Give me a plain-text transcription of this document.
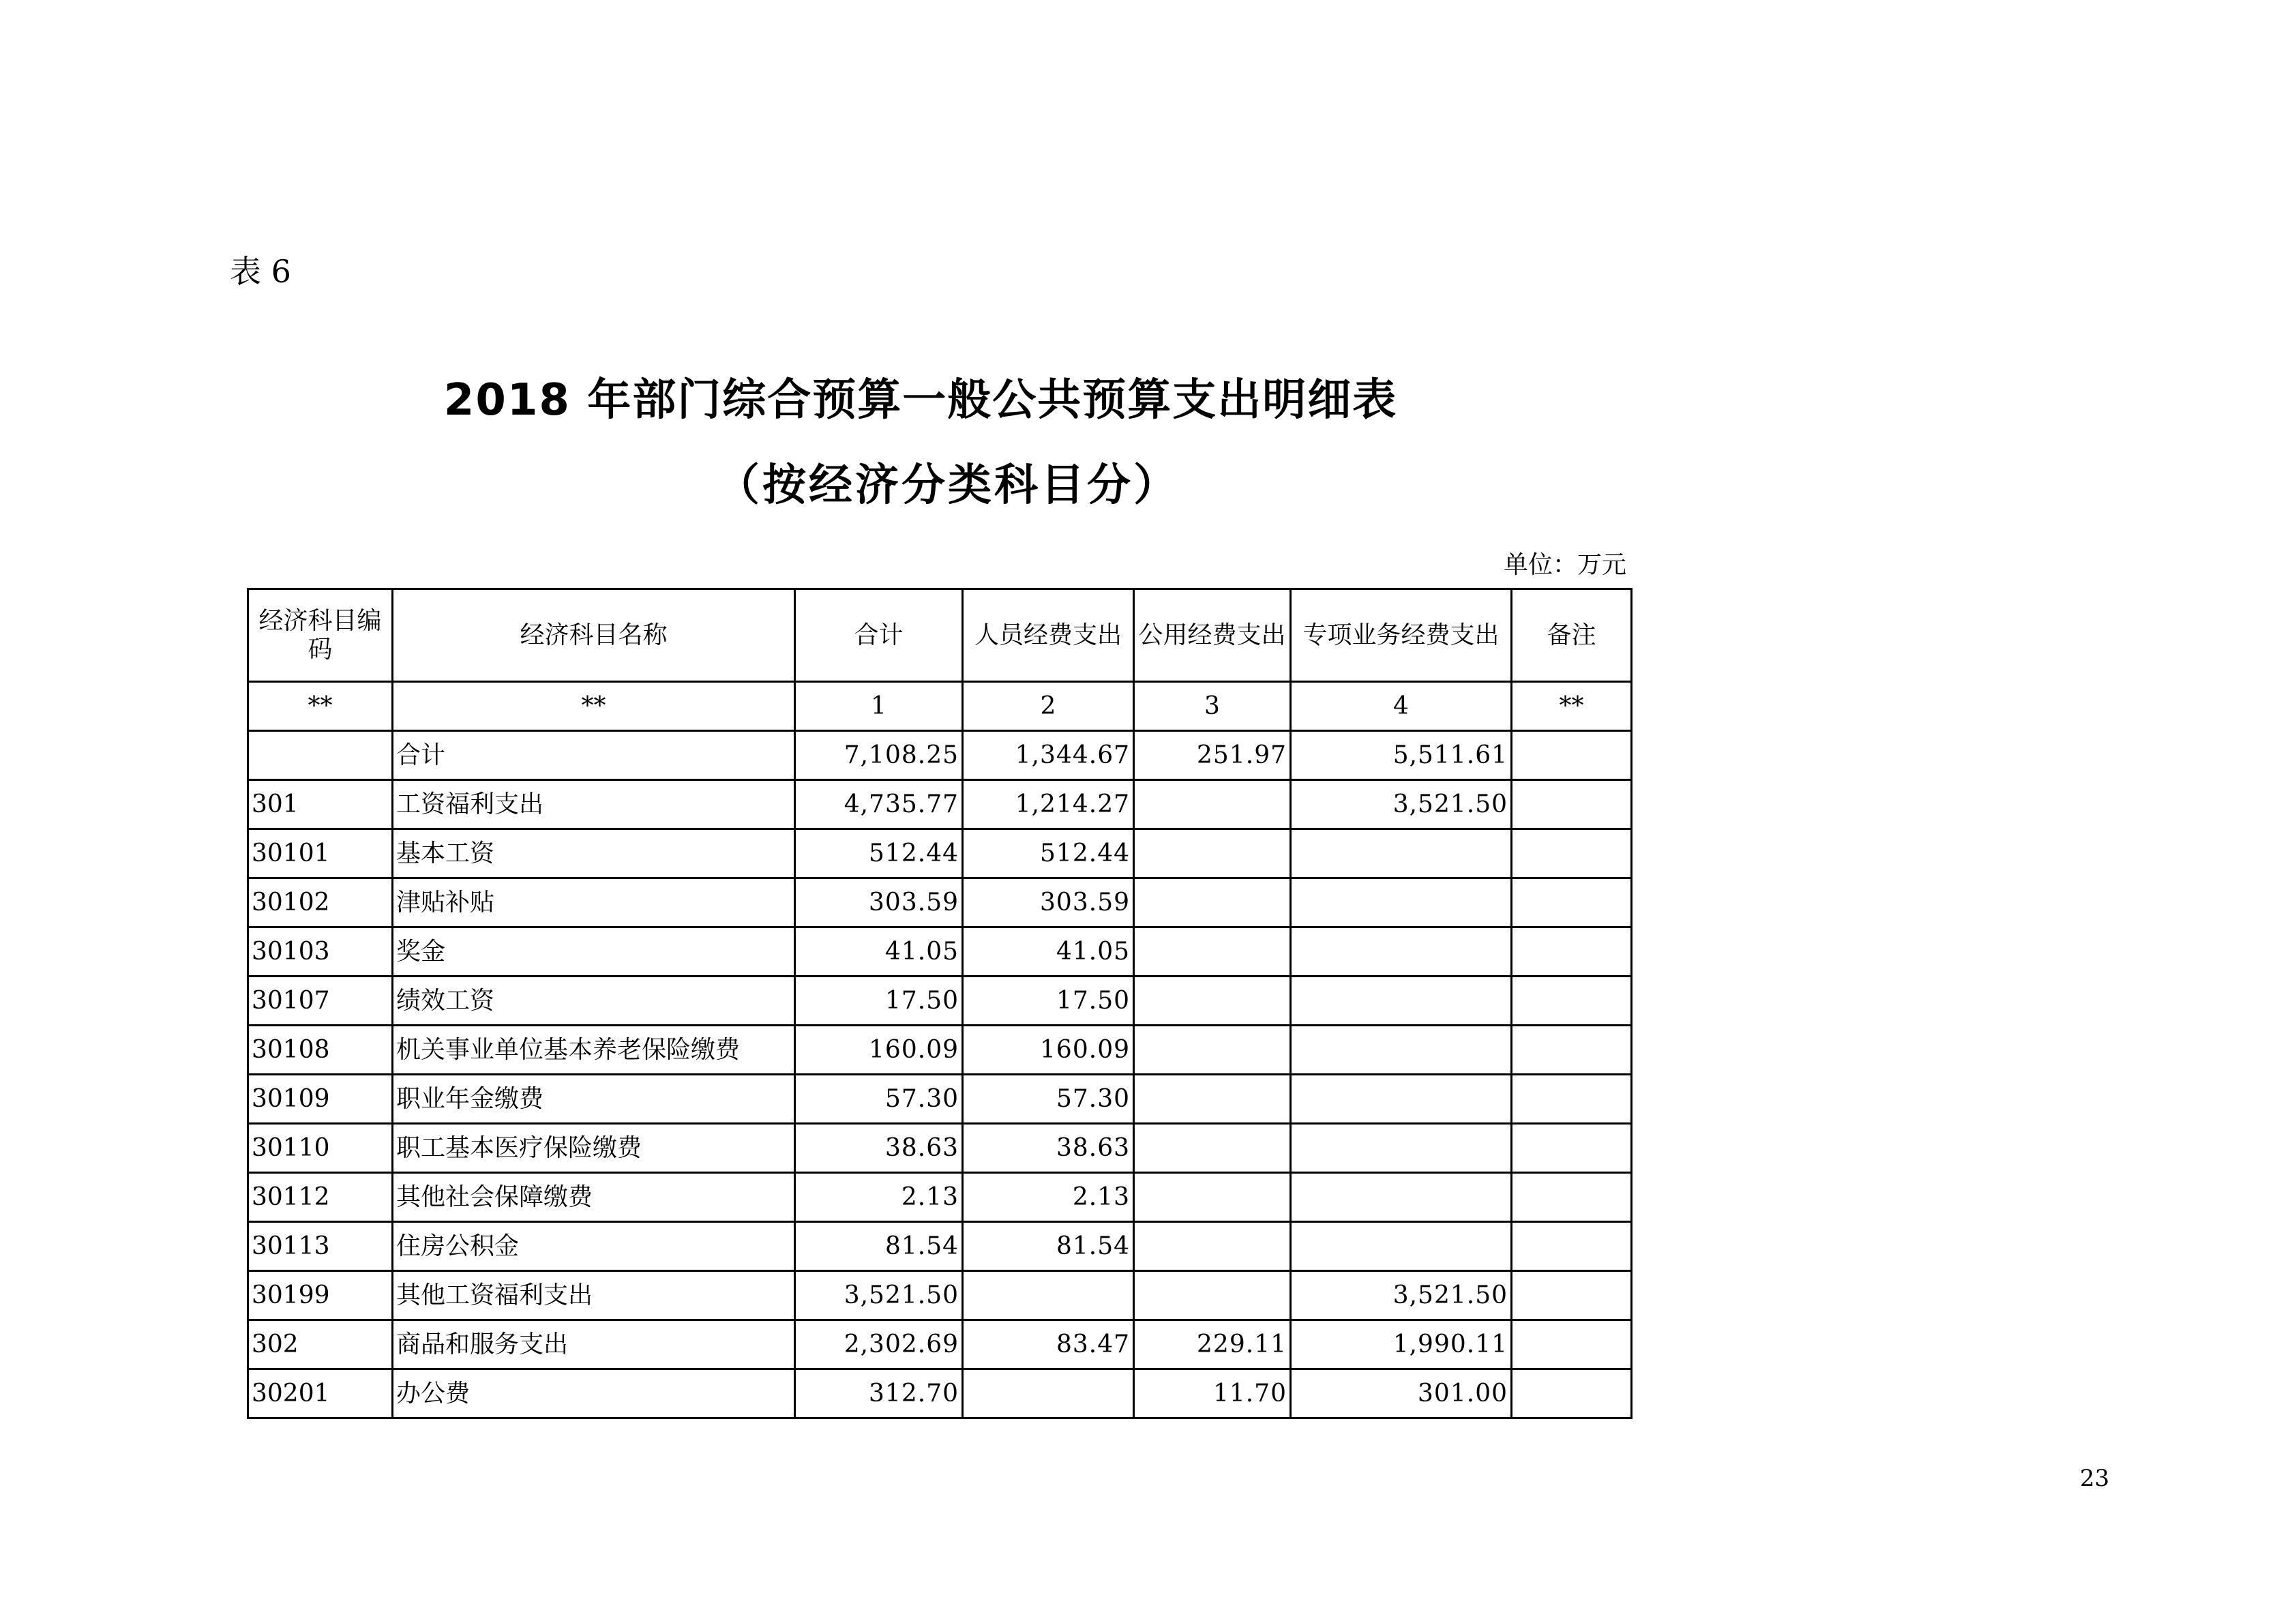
表 6
2018 年部门综合预算一般公共预算支出明细表
（按经济分类科目分）
单位：万元
经济科目编码	经济科目名称	合计	人员经费支出	公用经费支出	专项业务经费支出	备注
**	**	1	2	3	4	**
	合计	7,108.25	1,344.67	251.97	5,511.61	
301	工资福利支出	4,735.77	1,214.27		3,521.50	
30101	基本工资	512.44	512.44			
30102	津贴补贴	303.59	303.59			
30103	奖金	41.05	41.05			
30107	绩效工资	17.50	17.50			
30108	机关事业单位基本养老保险缴费	160.09	160.09			
30109	职业年金缴费	57.30	57.30			
30110	职工基本医疗保险缴费	38.63	38.63			
30112	其他社会保障缴费	2.13	2.13			
30113	住房公积金	81.54	81.54			
30199	其他工资福利支出	3,521.50			3,521.50	
302	商品和服务支出	2,302.69	83.47	229.11	1,990.11	
30201	办公费	312.70		11.70	301.00	
23
